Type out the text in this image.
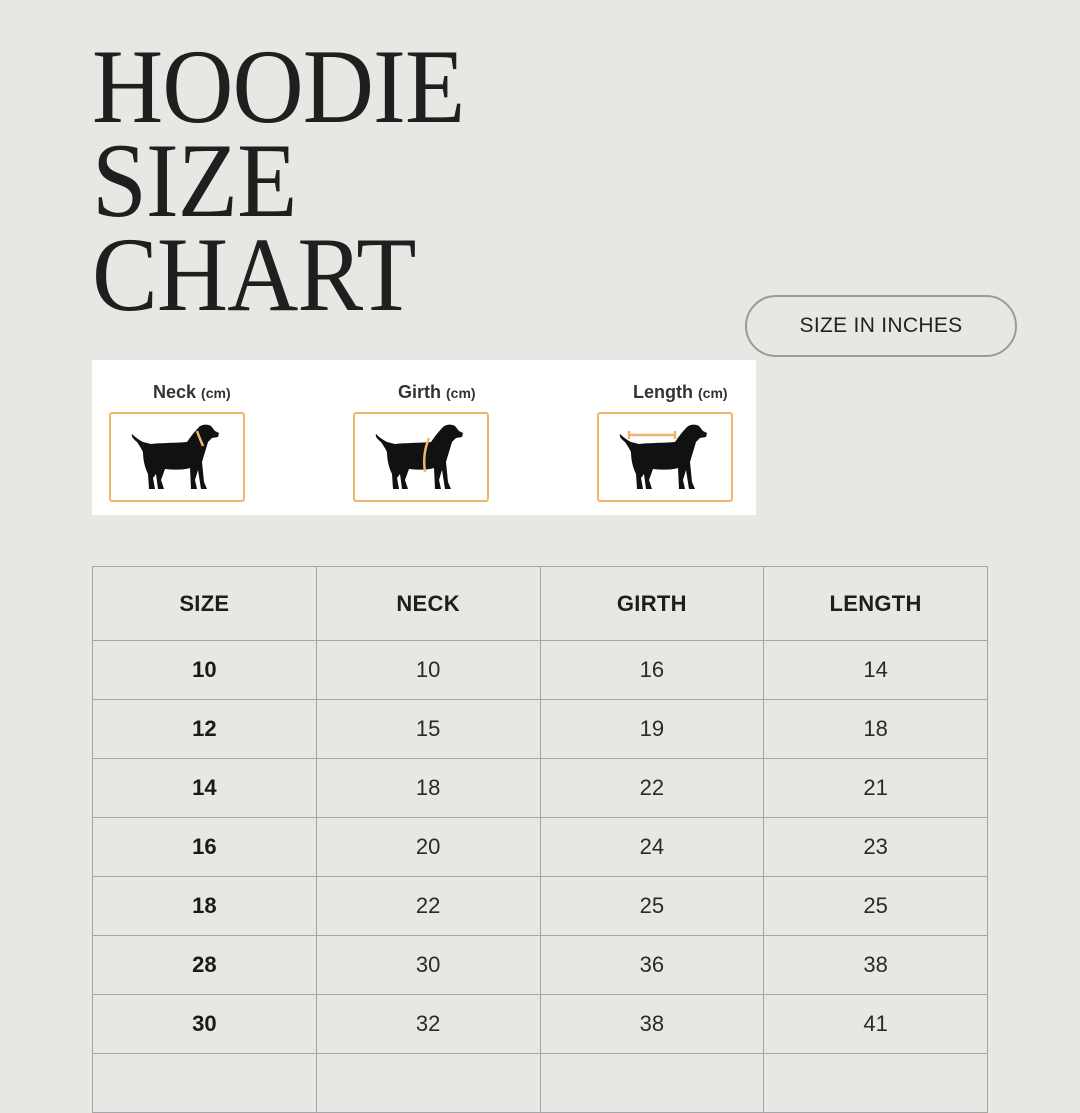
HOODIE
SIZE
CHART	SIZE IN INCHES
Neck (cm)	Girth (cm)	Length (cm)
SIZE	NECK	GIRTH	LENGTH
10	10	16	14
12	15	19	18
14	18	22	21
16	20	24	23
18	22	25	25
28	30	36	38
30	32	38	41
